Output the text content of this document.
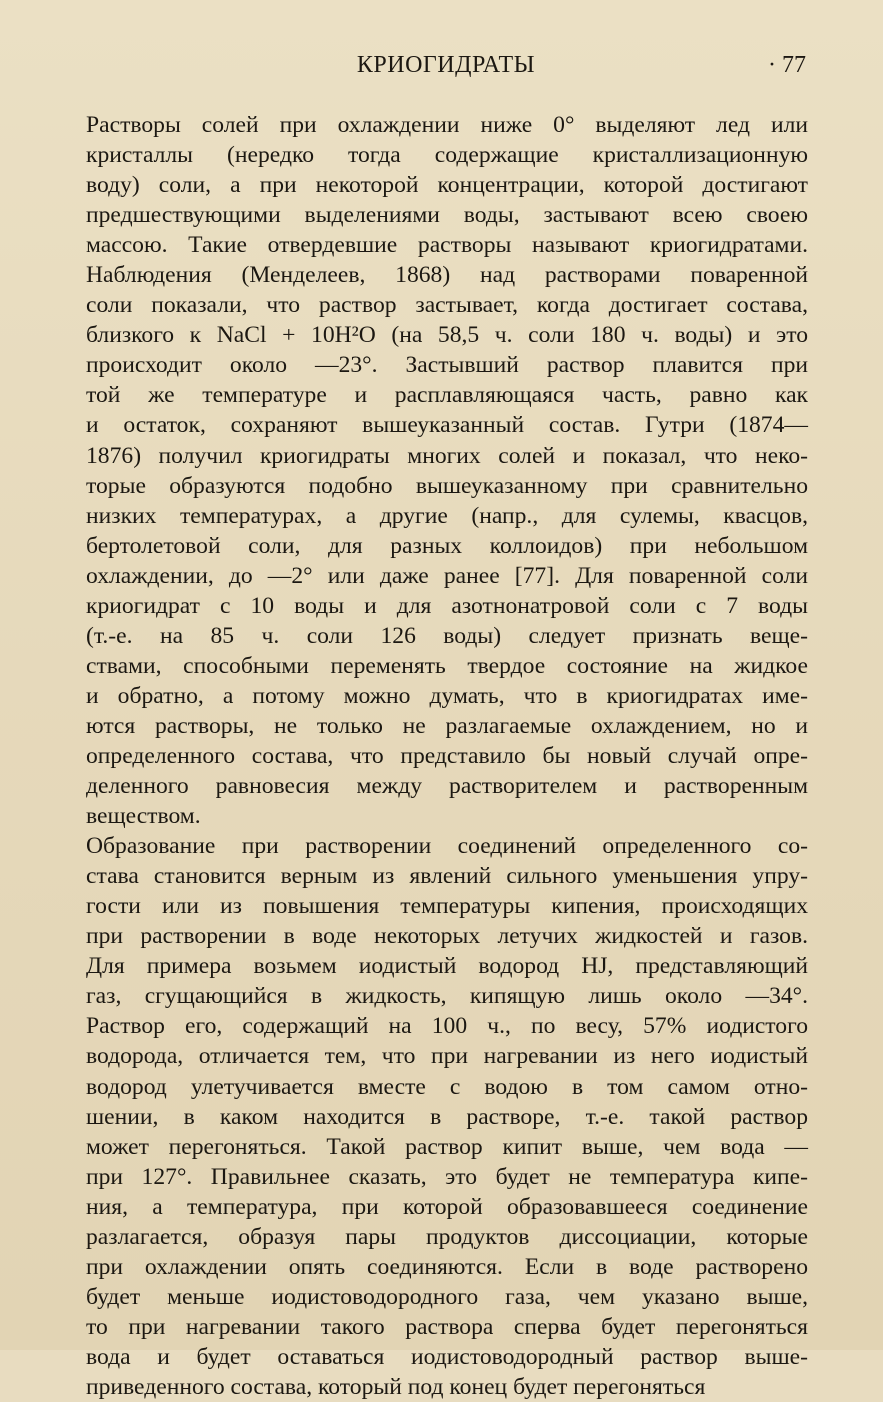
КРИОГИДРАТЫ
·	77
Растворы солей при охлаждении ниже 0° выделяют лед или
кристаллы (нередко тогда содержащие кристаллизационную
воду) соли, а при некоторой концентрации, которой достигают
предшествующими выделениями воды, застывают всею своею
массою. Такие отвердевшие растворы называют криогидратами.
Наблюдения (Менделеев, 1868) над растворами поваренной
соли показали, что раствор застывает, когда достигает состава,
близкого к NaCl + 10H²O (на 58,5 ч. соли 180 ч. воды) и это
происходит около —23°. Застывший раствор плавится при
той же температуре и расплавляющаяся часть, равно как
и остаток, сохраняют вышеуказанный состав. Гутри (1874—
1876) получил криогидраты многих солей и показал, что неко-
торые образуются подобно вышеуказанному при сравнительно
низких температурах, а другие (напр., для сулемы, квасцов,
бертолетовой соли, для разных коллоидов) при небольшом
охлаждении, до —2° или даже ранее [77]. Для поваренной соли
криогидрат с 10 воды и для азотнонатровой соли с 7 воды
(т.-е. на 85 ч. соли 126 воды) следует признать веще-
ствами, способными переменять твердое состояние на жидкое
и обратно, а потому можно думать, что в криогидратах име-
ются растворы, не только не разлагаемые охлаждением, но и
определенного состава, что представило бы новый случай опре-
деленного равновесия между растворителем и растворенным
веществом.
Образование при растворении соединений определенного со-
става становится верным из явлений сильного уменьшения упру-
гости или из повышения температуры кипения, происходящих
при растворении в воде некоторых летучих жидкостей и газов.
Для примера возьмем иодистый водород HJ, представляющий
газ, сгущающийся в жидкость, кипящую лишь около —34°.
Раствор его, содержащий на 100 ч., по весу, 57% иодистого
водорода, отличается тем, что при нагревании из него иодистый
водород улетучивается вместе с водою в том самом отно-
шении, в каком находится в растворе, т.-е. такой раствор
может перегоняться. Такой раствор кипит выше, чем вода —
при 127°. Правильнее сказать, это будет не температура кипе-
ния, а температура, при которой образовавшееся соединение
разлагается, образуя пары продуктов диссоциации, которые
при охлаждении опять соединяются. Если в воде растворено
будет меньше иодистоводородного газа, чем указано выше,
то при нагревании такого раствора сперва будет перегоняться
вода и будет оставаться иодистоводородный раствор выше-
приведенного состава, который под конец будет перегоняться
